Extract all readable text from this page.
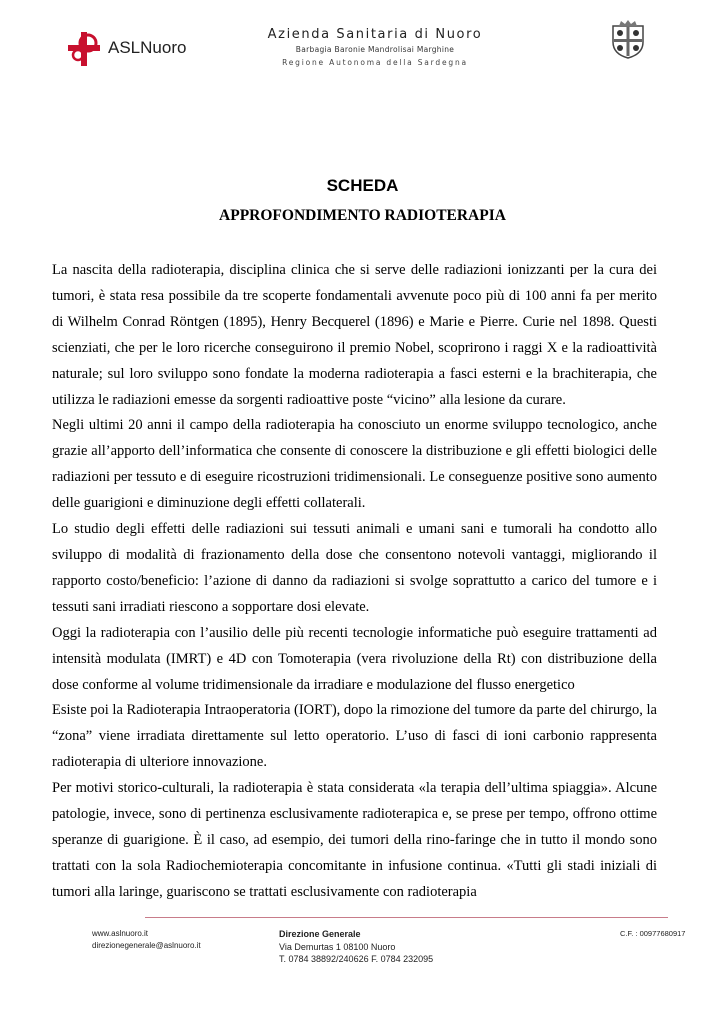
ASLNuoro
Azienda Sanitaria di Nuoro
Barbagia Baronie Mandrolisai Marghine
Regione Autonoma della Sardegna
SCHEDA
APPROFONDIMENTO RADIOTERAPIA

La nascita della radioterapia, disciplina clinica che si serve delle radiazioni ionizzanti per la cura dei tumori, è stata resa possibile da tre scoperte fondamentali avvenute poco più di 100 anni fa per merito di Wilhelm Conrad Röntgen (1895), Henry Becquerel (1896) e Marie e Pierre. Curie nel 1898. Questi scienziati, che per le loro ricerche conseguirono il premio Nobel, scoprirono i raggi X e la radioattività naturale; sul loro sviluppo sono fondate la moderna radioterapia a fasci esterni e la brachiterapia, che utilizza le radiazioni emesse da sorgenti radioattive poste “vicino” alla lesione da curare.

Negli ultimi 20 anni il campo della radioterapia ha conosciuto un enorme sviluppo tecnologico, anche grazie all’apporto dell’informatica che consente di conoscere la distribuzione e gli effetti biologici delle radiazioni per tessuto e di eseguire ricostruzioni tridimensionali. Le conseguenze positive sono aumento delle guarigioni e diminuzione degli effetti collaterali.

Lo studio degli effetti delle radiazioni sui tessuti animali e umani sani e tumorali ha condotto allo sviluppo di modalità di frazionamento della dose che consentono notevoli vantaggi, migliorando il rapporto costo/beneficio: l’azione di danno da radiazioni si svolge soprattutto a carico del tumore e i tessuti sani irradiati riescono a sopportare dosi elevate.

Oggi la radioterapia con l’ausilio delle più recenti tecnologie informatiche può eseguire trattamenti ad intensità modulata (IMRT) e 4D con Tomoterapia (vera rivoluzione della Rt) con distribuzione della dose conforme al volume tridimensionale da irradiare e modulazione del flusso energetico

Esiste poi la Radioterapia Intraoperatoria (IORT), dopo la rimozione del tumore da parte del chirurgo, la “zona” viene irradiata direttamente sul letto operatorio. L’uso di fasci di ioni carbonio rappresenta radioterapia di ulteriore innovazione.

Per motivi storico-culturali, la radioterapia è stata considerata «la terapia dell’ultima spiaggia». Alcune patologie, invece, sono di pertinenza esclusivamente radioterapica e, se prese per tempo, offrono ottime speranze di guarigione. È il caso, ad esempio, dei tumori della rino-faringe che in tutto il mondo sono trattati con la sola Radiochemioterapia concomitante in infusione continua. «Tutti gli stadi iniziali di tumori alla laringe, guariscono se trattati esclusivamente con radioterapia

www.aslnuoro.it
direzionegenerale@aslnuoro.it
Direzione Generale
Via Demurtas 1 08100 Nuoro
T. 0784 38892/240626 F. 0784 232095
C.F. : 00977680917
